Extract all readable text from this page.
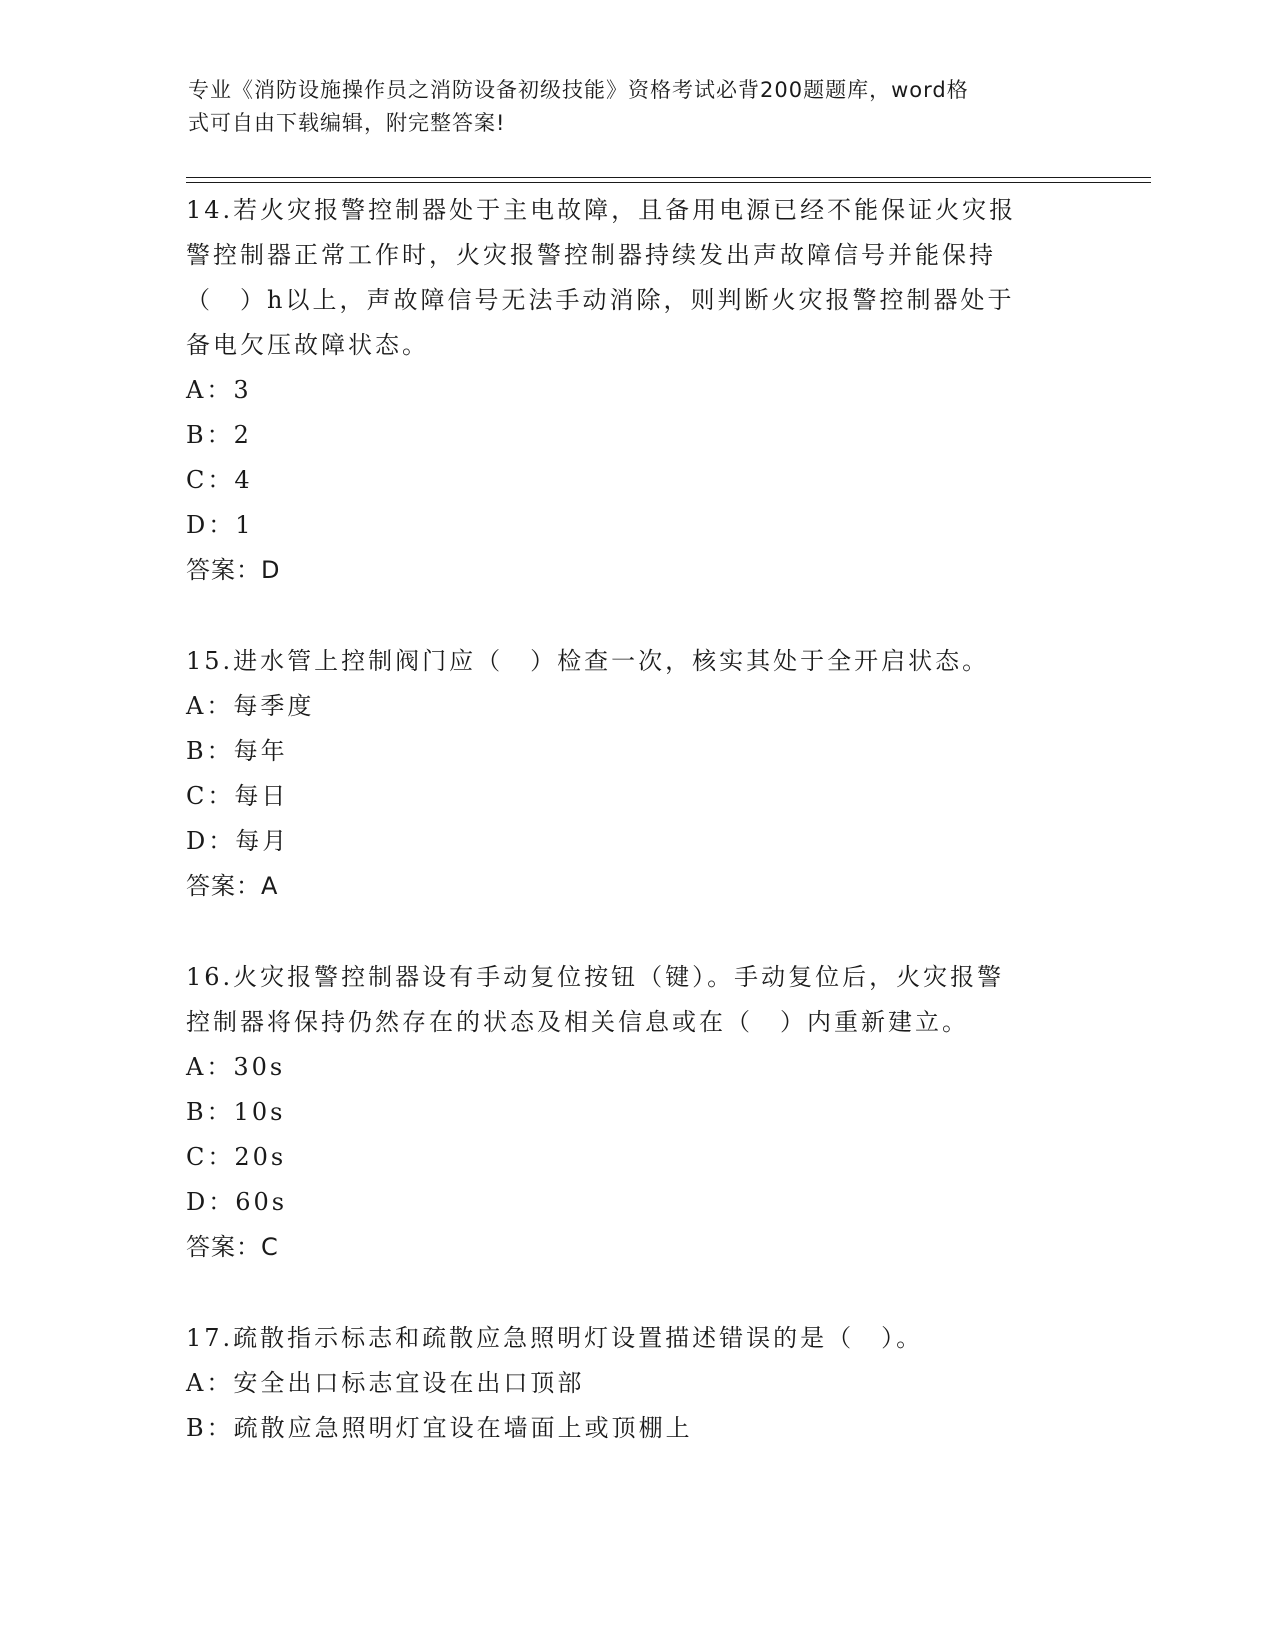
专业《消防设施操作员之消防设备初级技能》资格考试必背200题题库，word格
式可自由下载编辑，附完整答案!
14.若火灾报警控制器处于主电故障，且备用电源已经不能保证火灾报
警控制器正常工作时，火灾报警控制器持续发出声故障信号并能保持
（　）h以上，声故障信号无法手动消除，则判断火灾报警控制器处于
备电欠压故障状态。
A：3
B：2
C：4
D：1
答案：D
15.进水管上控制阀门应（　）检查一次，核实其处于全开启状态。
A：每季度
B：每年
C：每日
D：每月
答案：A
16.火灾报警控制器设有手动复位按钮（键）。手动复位后，火灾报警
控制器将保持仍然存在的状态及相关信息或在（　）内重新建立。
A：30s
B：10s
C：20s
D：60s
答案：C
17.疏散指示标志和疏散应急照明灯设置描述错误的是（　）。
A：安全出口标志宜设在出口顶部
B：疏散应急照明灯宜设在墙面上或顶棚上
